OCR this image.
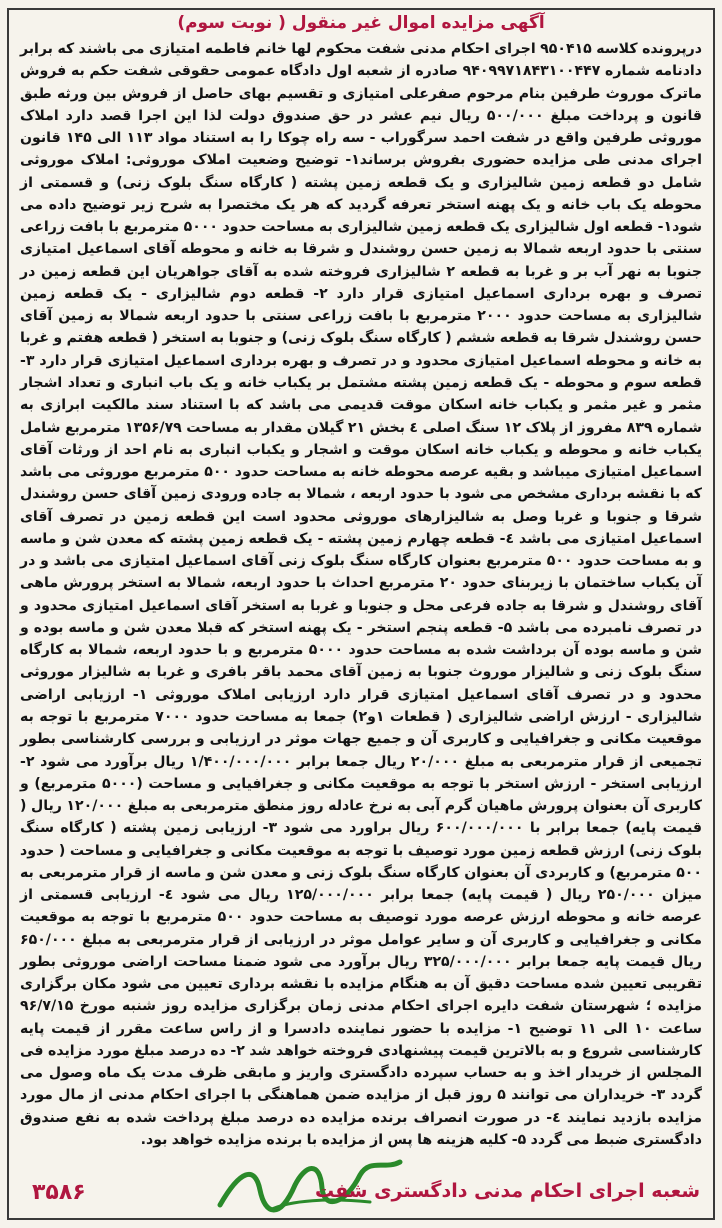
آگهی مزایده اموال غیر منقول ( نوبت سوم)
درپرونده کلاسه ۹۵۰۴۱۵ اجرای احکام مدنی شفت محکوم لها خانم فاطمه امتیازی می باشند که برابر دادنامه شماره ۹۴۰۹۹۷۱۸۴۳۱۰۰۴۴۷ صادره از شعبه اول دادگاه عمومی حقوقی شفت حکم به فروش ماترک موروث طرفین بنام مرحوم صفرعلی امتیازی و تقسیم بهای حاصل از فروش بین ورثه طبق قانون و پرداخت مبلغ ۵۰۰/۰۰۰ ریال نیم عشر در حق صندوق دولت لذا این اجرا قصد دارد املاک موروثی طرفین واقع در شفت احمد سرگوراب - سه راه چوکا را به استناد مواد ۱۱۳ الی ۱۴۵ قانون اجرای مدنی طی مزایده حضوری بفروش برساند۱- توضیح وضعیت املاک موروثی: املاک موروثی شامل دو قطعه زمین شالیزاری و یک قطعه زمین پشته ( کارگاه سنگ بلوک زنی) و قسمتی از محوطه یک باب خانه و یک پهنه استخر تعرفه گردید که هر یک مختصرا به شرح زیر توضیح داده می شود۱- قطعه اول شالیزاری یک قطعه زمین شالیزاری به مساحت حدود ۵۰۰۰ مترمربع با بافت زراعی سنتی با حدود اربعه شمالا به زمین حسن روشندل و شرقا به خانه و محوطه آقای اسماعیل امتیازی جنوبا به نهر آب بر و غربا به قطعه ۲ شالیزاری فروخته شده به آقای جواهریان این قطعه زمین در تصرف و بهره برداری اسماعیل امتیازی قرار دارد ۲- قطعه دوم شالیزاری - یک قطعه زمین شالیزاری به مساحت حدود ۲۰۰۰ مترمربع با بافت زراعی سنتی با حدود اربعه شمالا به زمین آقای حسن روشندل شرقا به قطعه ششم ( کارگاه سنگ بلوک زنی) و جنوبا به استخر ( قطعه هفتم و غربا به خانه و محوطه اسماعیل امتیازی محدود و در تصرف و بهره برداری اسماعیل امتیازی قرار دارد ۳- قطعه سوم و محوطه - یک قطعه زمین پشته مشتمل بر یکباب خانه و یک باب انباری و تعداد اشجار مثمر و غیر مثمر و یکباب خانه اسکان موقت قدیمی می باشد که با استناد سند مالکیت ابرازی به شماره ۸۳۹ مفروز از پلاک ۱۲ سنگ اصلی ٤ بخش ۲۱ گیلان مقدار به مساحت ۱۳۵۶/۷۹ مترمربع شامل یکباب خانه و محوطه و یکباب خانه اسکان موقت و اشجار و یکباب انباری به نام احد از ورثات آقای اسماعیل امتیازی میباشد و بقیه عرصه محوطه خانه به مساحت حدود ۵۰۰ مترمربع موروثی می باشد که با نقشه برداری مشخص می شود با حدود اربعه ، شمالا به جاده ورودی زمین آقای حسن روشندل شرقا و جنوبا و غربا وصل به شالیزارهای موروثی محدود است این قطعه زمین در تصرف آقای اسماعیل امتیازی می باشد ٤- قطعه چهارم زمین پشته - یک قطعه زمین پشته که معدن شن و ماسه و به مساحت حدود ۵۰۰ مترمربع بعنوان کارگاه سنگ بلوک زنی آقای اسماعیل امتیازی می باشد و در آن یکباب ساختمان با زیربنای حدود ۲۰ مترمربع احداث با حدود اربعه، شمالا به استخر پرورش ماهی آقای روشندل و شرقا به جاده فرعی محل و جنوبا و غربا به استخر آقای اسماعیل امتیازی محدود و در تصرف نامبرده می باشد ۵- قطعه پنجم استخر - یک پهنه استخر که قبلا معدن شن و ماسه بوده و شن و ماسه بوده آن برداشت شده به مساحت حدود ۵۰۰۰ مترمربع و با حدود اربعه، شمالا به کارگاه سنگ بلوک زنی و شالیزار موروث جنوبا به زمین آقای محمد باقر بافری و غربا به شالیزار موروثی محدود و در تصرف آقای اسماعیل امتیازی قرار دارد ارزیابی املاک موروثی ۱- ارزیابی اراضی شالیزاری - ارزش اراضی شالیزاری ( قطعات ۱و۲) جمعا به مساحت حدود ۷۰۰۰ مترمربع با توجه به موقعیت مکانی و جغرافیایی و کاربری آن و جمیع جهات موثر در ارزیابی و بررسی کارشناسی بطور تجمیعی از قرار مترمربعی به مبلغ ۲۰/۰۰۰ ریال جمعا برابر ۱/۴۰۰/۰۰۰/۰۰۰ ریال برآورد می شود ۲- ارزیابی استخر - ارزش استخر با توجه به موقعیت مکانی و جغرافیایی و مساحت (۵۰۰۰ مترمربع) و کاربری آن بعنوان پرورش ماهیان گرم آبی به نرخ عادله روز منطق مترمربعی به مبلغ ۱۲۰/۰۰۰ ریال ( قیمت پایه) جمعا برابر با ۶۰۰/۰۰۰/۰۰۰ ریال براورد می شود ۳- ارزیابی زمین پشته ( کارگاه سنگ بلوک زنی) ارزش قطعه زمین مورد توصیف با توجه به موقعیت مکانی و جغرافیایی و مساحت ( حدود ۵۰۰ مترمربع) و کاربردی آن بعنوان کارگاه سنگ بلوک زنی و معدن شن و ماسه از قرار مترمربعی به میزان ۲۵۰/۰۰۰ ریال ( قیمت پایه) جمعا برابر ۱۲۵/۰۰۰/۰۰۰ ریال می شود ٤- ارزیابی قسمتی از عرصه خانه و محوطه ارزش عرصه مورد توصیف به مساحت حدود ۵۰۰ مترمربع با توجه به موقعیت مکانی و جغرافیایی و کاربری آن و سایر عوامل موثر در ارزیابی از قرار مترمربعی به مبلغ ۶۵۰/۰۰۰ ریال قیمت پایه جمعا برابر ۳۲۵/۰۰۰/۰۰۰ ریال برآورد می شود ضمنا مساحت اراضی موروثی بطور تقریبی تعیین شده مساحت دقیق آن به هنگام مزایده با نقشه برداری تعیین می شود مکان برگزاری مزایده ؛ شهرستان شفت دایره اجرای احکام مدنی زمان برگزاری مزایده روز شنبه مورخ ۹۶/۷/۱۵ ساعت ۱۰ الی ۱۱ توضیح ۱- مزایده با حضور نماینده دادسرا و از راس ساعت مقرر از قیمت پایه کارشناسی شروع و به بالاترین قیمت پیشنهادی فروخته خواهد شد ۲- ده درصد مبلغ مورد مزایده فی المجلس از خریدار اخذ و به حساب سپرده دادگستری واریز و مابقی ظرف مدت یک ماه وصول می گردد ۳- خریداران می توانند ۵ روز قبل از مزایده ضمن هماهنگی با اجرای احکام مدنی از مال مورد مزایده بازدید نمایند ٤- در صورت انصراف برنده مزایده ده درصد مبلغ پرداخت شده به نفع صندوق دادگستری ضبط می گردد ۵- کلیه هزینه ها پس از مزایده با برنده مزایده خواهد بود.
شعبه اجرای احکام مدنی دادگستری شفت
۳۵۸۶
